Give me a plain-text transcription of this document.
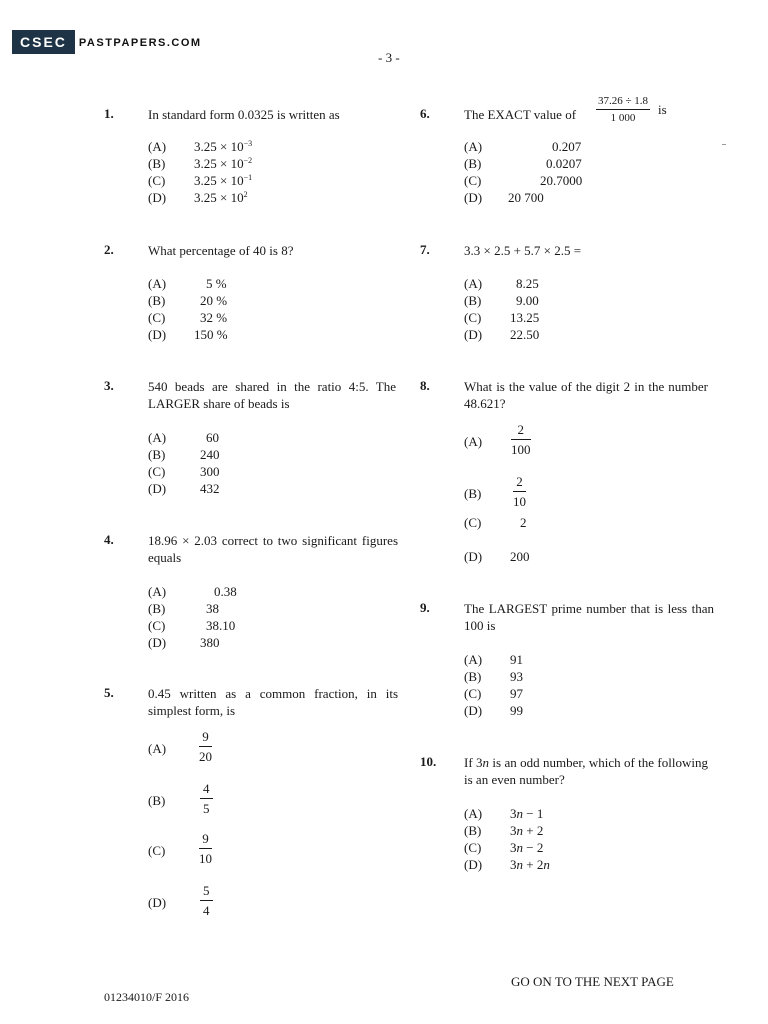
CSEC	PASTPAPERS.COM
- 3 -
1.	In standard form 0.0325 is written as
(A) $3.25 \times 10^{-3}$
(B) $3.25 \times 10^{-2}$
(C) $3.25 \times 10^{-1}$
(D) $3.25 \times 10^2$
2.	What percentage of 40 is 8?
(A)	5 %
(B)	20 %
(C)	32 %
(D) 150 %
3.	540 beads are shared in the ratio 4:5. The LARGER share of beads is
(A)	60
(B)	240
(C)	300
(D)	432
4.	18.96 × 2.03 correct to two significant figures equals
(A)	0.38
(B)	38
(C)	38.10
(D)	380
5.	0.45 written as a common fraction, in its simplest form, is
(A)	$\frac{9}{20}$
(B)	$\frac{4}{5}$
(C)	$\frac{9}{10}$
(D)	$\frac{5}{4}$
6.	The EXACT value of	$\frac{37.26 \div 1.8}{1 000}$ is
(A)	0.207
(B)	0.0207
(C)	20.7000
(D) 20 700
7.	3.3 × 2.5 + 5.7 × 2.5 =
(A)	8.25
(B)	9.00
(C) 13.25
(D) 22.50
8.	What is the value of the digit 2 in the number 48.621?
$(A) \frac{2}{100}$
$(B) \frac{2}{10}$
(C)	2
(D) 200
9.	The LARGEST prime number that is less than 100 is
(A) 91
(B) 93
(C) 97
(D) 99
10. If 3n is an odd number, which of the following is an even number?
(A) 3n − 1
(B) 3n + 2
(C) 3n − 2
(D) 3n + 2n
GO ON TO THE NEXT PAGE
01234010/F 2016
